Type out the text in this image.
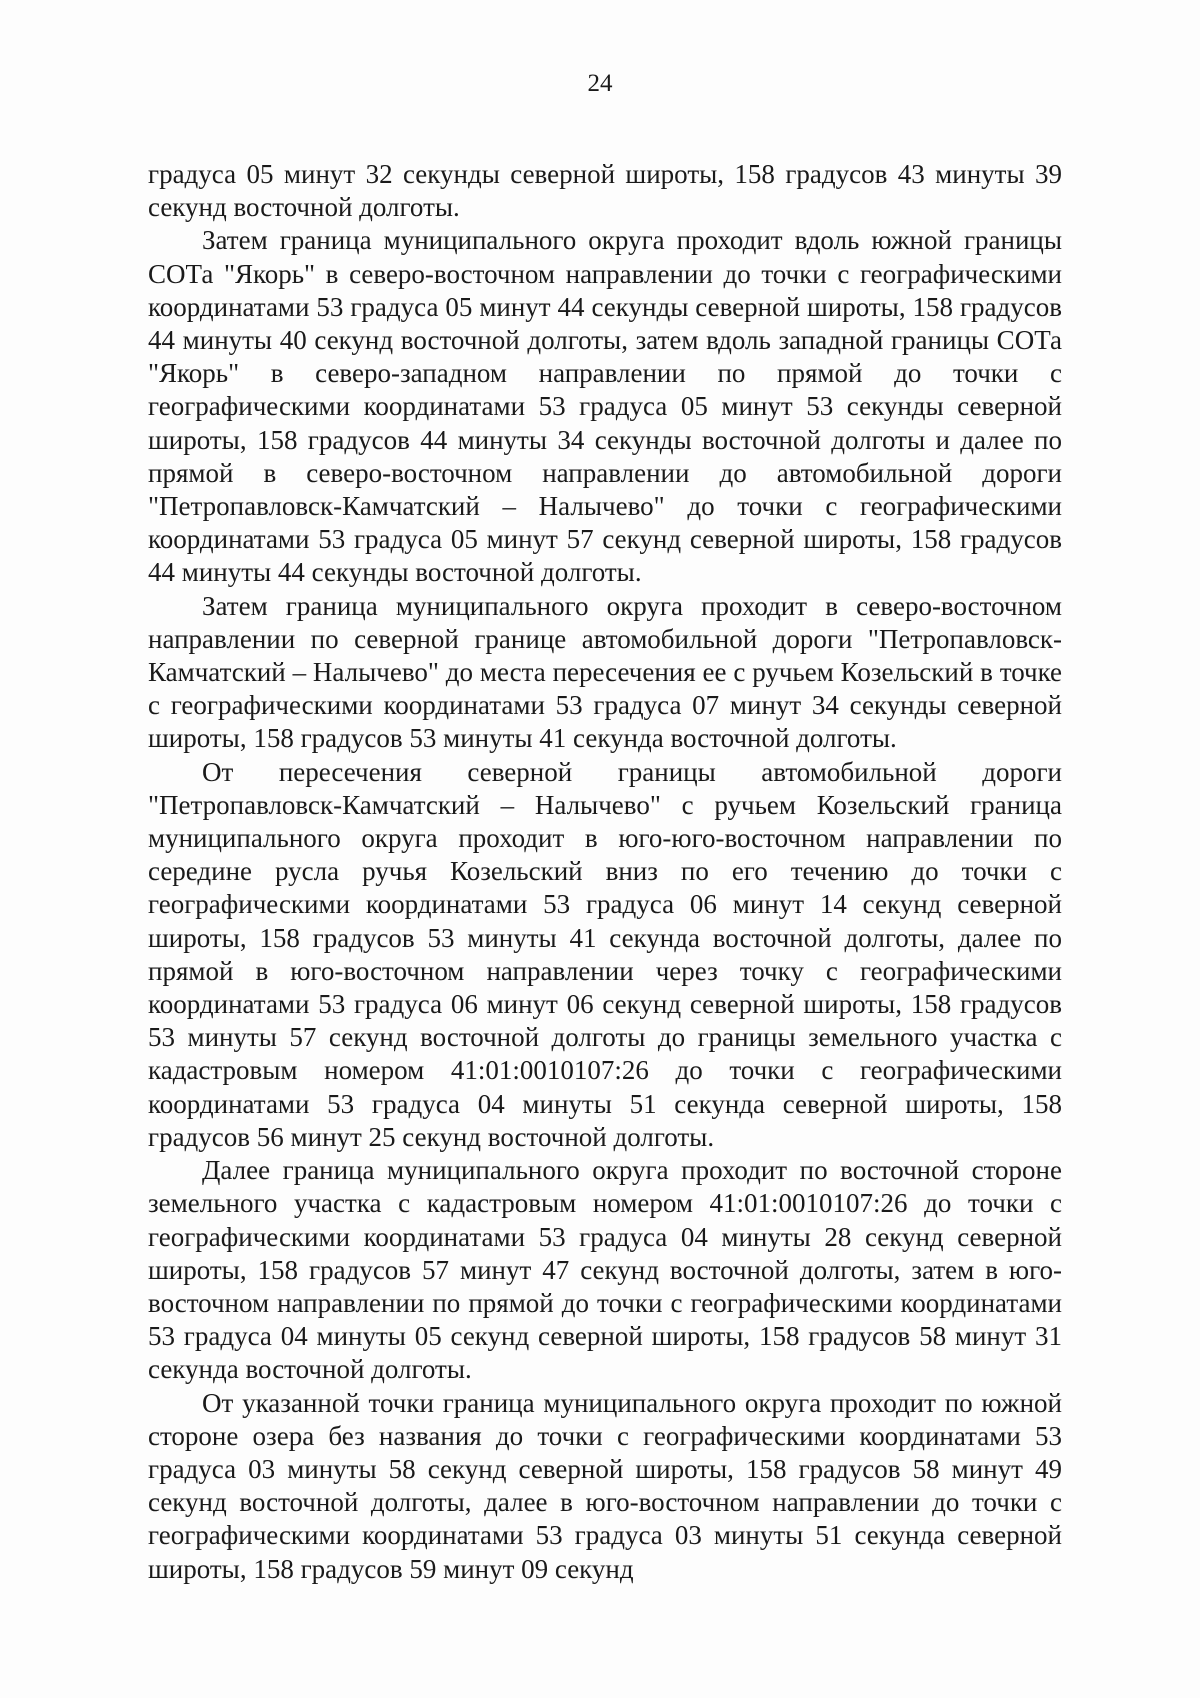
24

градуса 05 минут 32 секунды северной широты, 158 градусов 43 минуты 39 секунд восточной долготы.

Затем граница муниципального округа проходит вдоль южной границы СОТа "Якорь" в северо-восточном направлении до точки с географическими координатами 53 градуса 05 минут 44 секунды северной широты, 158 градусов 44 минуты 40 секунд восточной долготы, затем вдоль западной границы СОТа "Якорь" в северо-западном направлении по прямой до точки с географическими координатами 53 градуса 05 минут 53 секунды северной широты, 158 градусов 44 минуты 34 секунды восточной долготы и далее по прямой в северо-восточном направлении до автомобильной дороги "Петропавловск-Камчатский – Налычево" до точки с географическими координатами 53 градуса 05 минут 57 секунд северной широты, 158 градусов 44 минуты 44 секунды восточной долготы.

Затем граница муниципального округа проходит в северо-восточном направлении по северной границе автомобильной дороги "Петропавловск-Камчатский – Налычево" до места пересечения ее с ручьем Козельский в точке с географическими координатами 53 градуса 07 минут 34 секунды северной широты, 158 градусов 53 минуты 41 секунда восточной долготы.

От пересечения северной границы автомобильной дороги "Петропавловск-Камчатский – Налычево" с ручьем Козельский граница муниципального округа проходит в юго-юго-восточном направлении по середине русла ручья Козельский вниз по его течению до точки с географическими координатами 53 градуса 06 минут 14 секунд северной широты, 158 градусов 53 минуты 41 секунда восточной долготы, далее по прямой в юго-восточном направлении через точку с географическими координатами 53 градуса 06 минут 06 секунд северной широты, 158 градусов 53 минуты 57 секунд восточной долготы до границы земельного участка с кадастровым номером 41:01:0010107:26 до точки с географическими координатами 53 градуса 04 минуты 51 секунда северной широты, 158 градусов 56 минут 25 секунд восточной долготы.

Далее граница муниципального округа проходит по восточной стороне земельного участка с кадастровым номером 41:01:0010107:26 до точки с географическими координатами 53 градуса 04 минуты 28 секунд северной широты, 158 градусов 57 минут 47 секунд восточной долготы, затем в юго-восточном направлении по прямой до точки с географическими координатами 53 градуса 04 минуты 05 секунд северной широты, 158 градусов 58 минут 31 секунда восточной долготы.

От указанной точки граница муниципального округа проходит по южной стороне озера без названия до точки с географическими координатами 53 градуса 03 минуты 58 секунд северной широты, 158 градусов 58 минут 49 секунд восточной долготы, далее в юго-восточном направлении до точки с географическими координатами 53 градуса 03 минуты 51 секунда северной широты, 158 градусов 59 минут 09 секунд
